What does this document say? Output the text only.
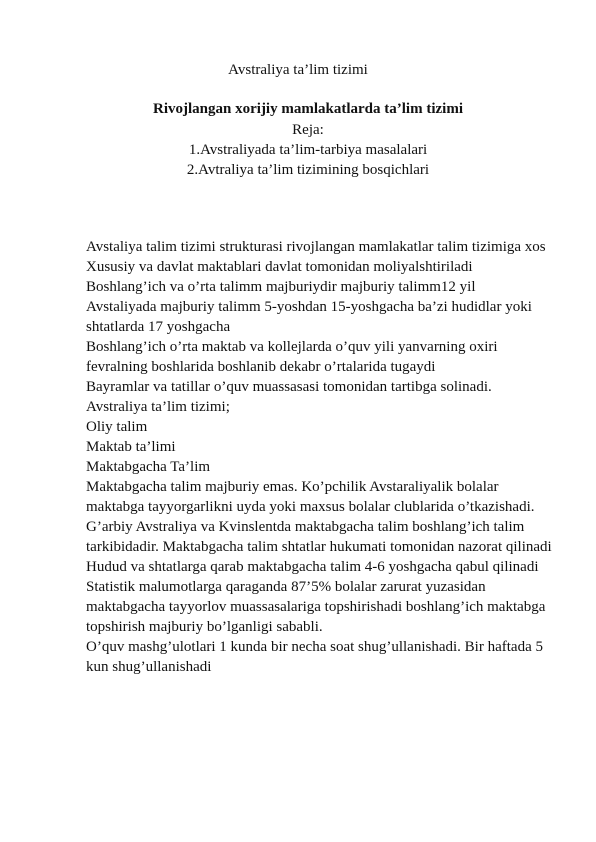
Avstraliya ta’lim tizimi
Rivojlangan xorijiy mamlakatlarda ta’lim tizimi
Reja:
1.Avstraliyada ta’lim-tarbiya masalalari
2.Avtraliya ta’lim tizimining bosqichlari

Avstaliya talim tizimi strukturasi rivojlangan mamlakatlar talim tizimiga xos

Xususiy va davlat maktablari davlat tomonidan moliyalshtiriladi

Boshlang’ich va o’rta talimm majburiydir majburiy talimm12 yil

Avstaliyada majburiy talimm 5-yoshdan 15-yoshgacha ba’zi hudidlar yoki shtatlarda 17 yoshgacha

Boshlang’ich o’rta maktab va kollejlarda o’quv yili yanvarning oxiri fevralning boshlarida boshlanib dekabr o’rtalarida tugaydi

Bayramlar va tatillar o’quv muassasasi tomonidan tartibga solinadi.

Avstraliya ta’lim tizimi;

Oliy talim

Maktab ta’limi

Maktabgacha Ta’lim

Maktabgacha talim majburiy emas. Ko’pchilik Avstaraliyalik bolalar maktabga tayyorgarlikni uyda yoki maxsus bolalar clublarida o’tkazishadi. G’arbiy Avstraliya va Kvinslentda maktabgacha talim boshlang’ich talim tarkibidadir. Maktabgacha talim shtatlar hukumati tomonidan nazorat qilinadi

Hudud va shtatlarga qarab maktabgacha talim 4-6 yoshgacha qabul qilinadi

Statistik malumotlarga qaraganda 87’5% bolalar zarurat yuzasidan maktabgacha tayyorlov muassasalariga topshirishadi boshlang’ich maktabga topshirish majburiy bo’lganligi sababli.

O’quv mashg’ulotlari 1 kunda bir necha soat shug’ullanishadi. Bir haftada 5 kun shug’ullanishadi
